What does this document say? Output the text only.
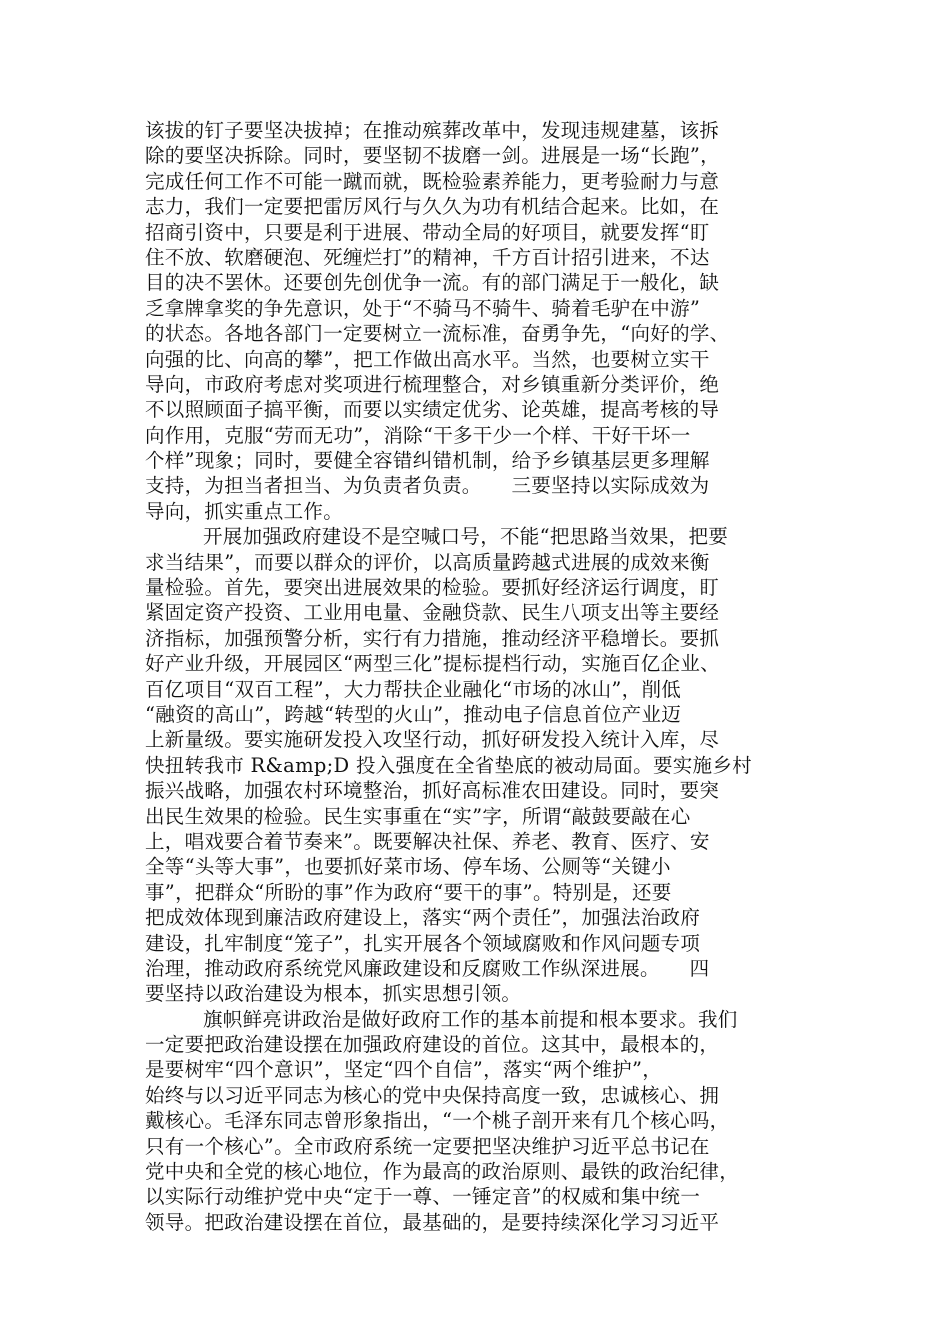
该拔的钉子要坚决拔掉；在推动殡葬改革中，发现违规建墓，该拆
除的要坚决拆除。同时，要坚韧不拔磨一剑。进展是一场“长跑”，
完成任何工作不可能一蹴而就，既检验素养能力，更考验耐力与意
志力，我们一定要把雷厉风行与久久为功有机结合起来。比如，在
招商引资中，只要是利于进展、带动全局的好项目，就要发挥“盯
住不放、软磨硬泡、死缠烂打”的精神，千方百计招引进来，不达
目的决不罢休。还要创先创优争一流。有的部门满足于一般化，缺
乏拿牌拿奖的争先意识，处于“不骑马不骑牛、骑着毛驴在中游”
的状态。各地各部门一定要树立一流标准，奋勇争先，“向好的学、
向强的比、向高的攀”，把工作做出高水平。当然，也要树立实干
导向，市政府考虑对奖项进行梳理整合，对乡镇重新分类评价，绝
不以照顾面子搞平衡，而要以实绩定优劣、论英雄，提高考核的导
向作用，克服“劳而无功”，消除“干多干少一个样、干好干坏一
个样”现象；同时，要健全容错纠错机制，给予乡镇基层更多理解
支持，为担当者担当、为负责者负责。　　三要坚持以实际成效为
导向，抓实重点工作。
开展加强政府建设不是空喊口号，不能“把思路当效果，把要
求当结果”，而要以群众的评价，以高质量跨越式进展的成效来衡
量检验。首先，要突出进展效果的检验。要抓好经济运行调度，盯
紧固定资产投资、工业用电量、金融贷款、民生八项支出等主要经
济指标，加强预警分析，实行有力措施，推动经济平稳增长。要抓
好产业升级，开展园区“两型三化”提标提档行动，实施百亿企业、
百亿项目“双百工程”，大力帮扶企业融化“市场的冰山”，削低
“融资的高山”，跨越“转型的火山”，推动电子信息首位产业迈
上新量级。要实施研发投入攻坚行动，抓好研发投入统计入库，尽
快扭转我市 R&amp;D 投入强度在全省垫底的被动局面。要实施乡村
振兴战略，加强农村环境整治，抓好高标准农田建设。同时，要突
出民生效果的检验。民生实事重在“实”字，所谓“敲鼓要敲在心
上，唱戏要合着节奏来”。既要解决社保、养老、教育、医疗、安
全等“头等大事”，也要抓好菜市场、停车场、公厕等“关键小
事”，把群众“所盼的事”作为政府“要干的事”。特别是，还要
把成效体现到廉洁政府建设上，落实“两个责任”，加强法治政府
建设，扎牢制度“笼子”，扎实开展各个领域腐败和作风问题专项
治理，推动政府系统党风廉政建设和反腐败工作纵深进展。　　四
要坚持以政治建设为根本，抓实思想引领。
旗帜鲜亮讲政治是做好政府工作的基本前提和根本要求。我们
一定要把政治建设摆在加强政府建设的首位。这其中，最根本的，
是要树牢“四个意识”，坚定“四个自信”，落实“两个维护”，
始终与以习近平同志为核心的党中央保持高度一致，忠诚核心、拥
戴核心。毛泽东同志曾形象指出，“一个桃子剖开来有几个核心吗，
只有一个核心”。全市政府系统一定要把坚决维护习近平总书记在
党中央和全党的核心地位，作为最高的政治原则、最铁的政治纪律，
以实际行动维护党中央“定于一尊、一锤定音”的权威和集中统一
领导。把政治建设摆在首位，最基础的，是要持续深化学习习近平
